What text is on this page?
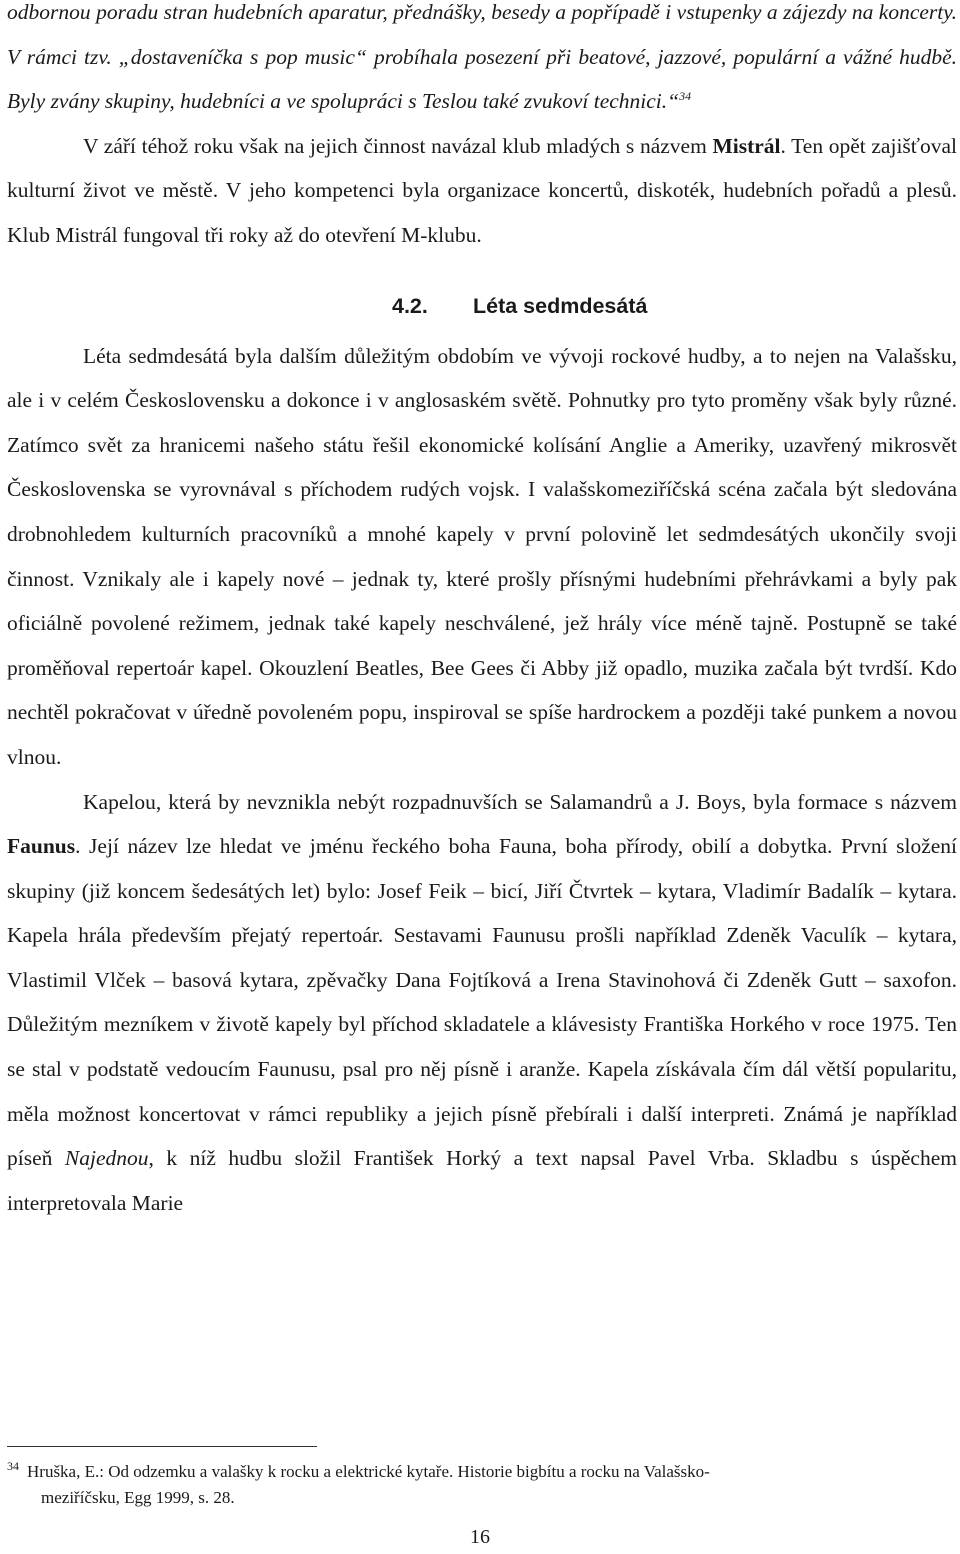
odbornou poradu stran hudebních aparatur, přednášky, besedy a popřípadě i vstupenky a zájezdy na koncerty. V rámci tzv. „dostaveníčka s pop music“ probíhala posezení při beatové, jazzové, populární a vážné hudbě. Byly zvány skupiny, hudebníci a ve spolupráci s Teslou také zvukoví technici.“$^{34}$

V září téhož roku však na jejich činnost navázal klub mladých s názvem Mistrál. Ten opět zajišťoval kulturní život ve městě. V jeho kompetenci byla organizace koncertů, diskoték, hudebních pořadů a plesů. Klub Mistrál fungoval tři roky až do otevření M-klubu.

4.2. Léta sedmdesátá

Léta sedmdesátá byla dalším důležitým obdobím ve vývoji rockové hudby, a to nejen na Valašsku, ale i v celém Československu a dokonce i v anglosaském světě. Pohnutky pro tyto proměny však byly různé. Zatímco svět za hranicemi našeho státu řešil ekonomické kolísání Anglie a Ameriky, uzavřený mikrosvět Československa se vyrovnával s příchodem rudých vojsk. I valašskomeziříčská scéna začala být sledována drobnohledem kulturních pracovníků a mnohé kapely v první polovině let sedmdesátých ukončily svoji činnost. Vznikaly ale i kapely nové – jednak ty, které prošly přísnými hudebními přehrávkami a byly pak oficiálně povolené režimem, jednak také kapely neschválené, jež hrály více méně tajně. Postupně se také proměňoval repertoár kapel. Okouzlení Beatles, Bee Gees či Abby již opadlo, muzika začala být tvrdší. Kdo nechtěl pokračovat v úředně povoleném popu, inspiroval se spíše hardrockem a později také punkem a novou vlnou.

Kapelou, která by nevznikla nebýt rozpadnuvších se Salamandrů a J. Boys, byla formace s názvem Faunus. Její název lze hledat ve jménu řeckého boha Fauna, boha přírody, obilí a dobytka. První složení skupiny (již koncem šedesátých let) bylo: Josef Feik – bicí, Jiří Čtvrtek – kytara, Vladimír Badalík – kytara. Kapela hrála především přejatý repertoár. Sestavami Faunusu prošli například Zdeněk Vaculík – kytara, Vlastimil Vlček – basová kytara, zpěvačky Dana Fojtíková a Irena Stavinohová či Zdeněk Gutt – saxofon. Důležitým mezníkem v životě kapely byl příchod skladatele a klávesisty Františka Horkého v roce 1975. Ten se stal v podstatě vedoucím Faunusu, psal pro něj písně i aranže. Kapela získávala čím dál větší popularitu, měla možnost koncertovat v rámci republiky a jejich písně přebírali i další interpreti. Známá je například píseň Najednou, k níž hudbu složil František Horký a text napsal Pavel Vrba. Skladbu s úspěchem interpretovala Marie

34 Hruška, E.: Od odzemku a valašky k rocku a elektrické kytaře. Historie bigbítu a rocku na Valašsko-
meziříčsku, Egg 1999, s. 28.
16
